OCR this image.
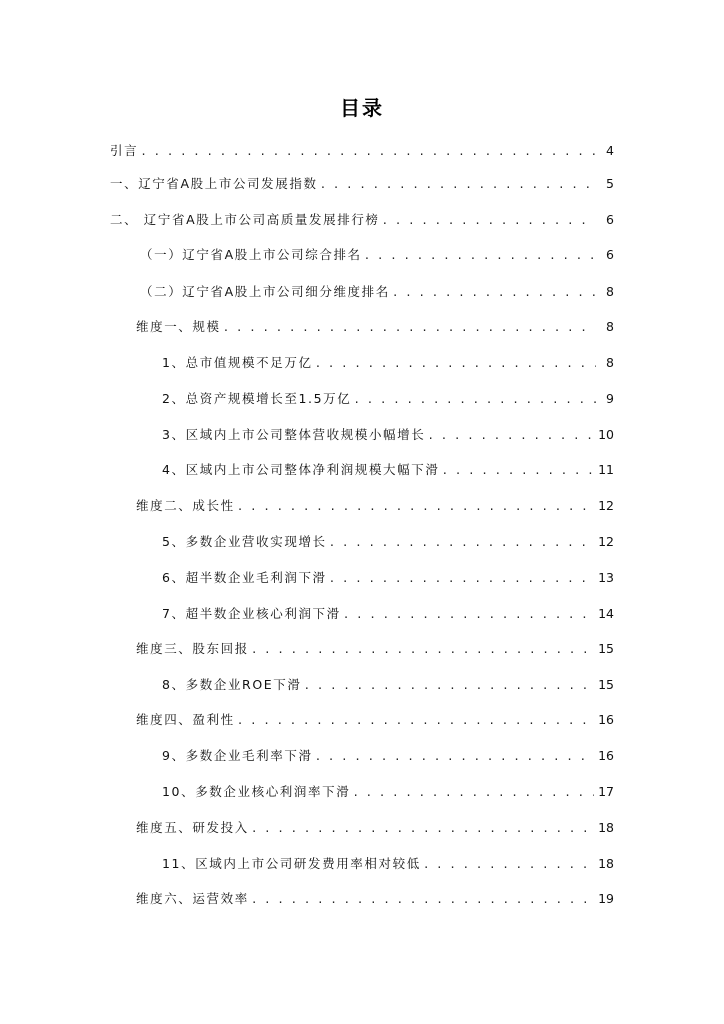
目录
引言 . . .	4
一、辽宁省A股上市公司发展指数 . . .	5
二、 辽宁省A股上市公司高质量发展排行榜 . . .	6
（一）辽宁省A股上市公司综合排名 . . .	6
（二）辽宁省A股上市公司细分维度排名 . . .	8
维度一、规模 . . .	8
1、总市值规模不足万亿 . . .	8
2、总资产规模增长至1.5万亿 . . .	9
3、区域内上市公司整体营收规模小幅增长 . . .	10
4、区域内上市公司整体净利润规模大幅下滑 . . .	11
维度二、成长性 . . .	12
5、多数企业营收实现增长 . . .	12
6、超半数企业毛利润下滑 . . .	13
7、超半数企业核心利润下滑 . . .	14
维度三、股东回报 . . .	15
8、多数企业ROE下滑 . . .	15
维度四、盈利性 . . .	16
9、多数企业毛利率下滑 . . .	16
10、多数企业核心利润率下滑 . . .	17
维度五、研发投入 . . .	18
11、区域内上市公司研发费用率相对较低 . . .	18
维度六、运营效率 . . .	19
